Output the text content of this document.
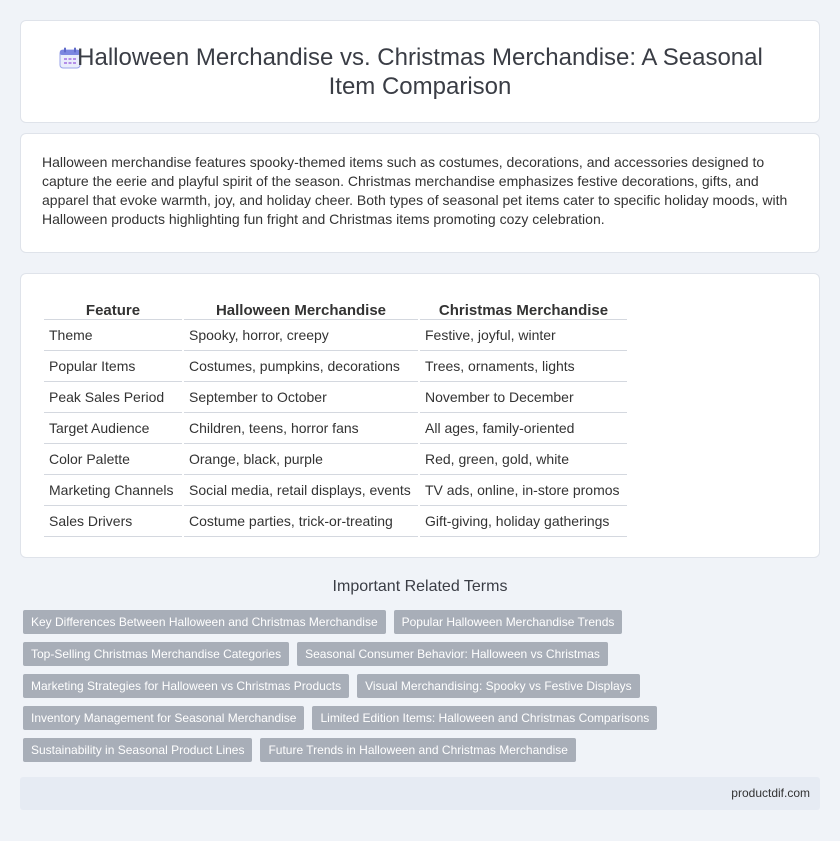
Halloween Merchandise vs. Christmas Merchandise: A Seasonal Item Comparison

Halloween merchandise features spooky-themed items such as costumes, decorations, and accessories designed to capture the eerie and playful spirit of the season. Christmas merchandise emphasizes festive decorations, gifts, and apparel that evoke warmth, joy, and holiday cheer. Both types of seasonal pet items cater to specific holiday moods, with Halloween products highlighting fun fright and Christmas items promoting cozy celebration.

Feature	Halloween Merchandise	Christmas Merchandise
Theme	Spooky, horror, creepy	Festive, joyful, winter
Popular Items	Costumes, pumpkins, decorations	Trees, ornaments, lights
Peak Sales Period	September to October	November to December
Target Audience	Children, teens, horror fans	All ages, family-oriented
Color Palette	Orange, black, purple	Red, green, gold, white
Marketing Channels	Social media, retail displays, events	TV ads, online, in-store promos
Sales Drivers	Costume parties, trick-or-treating	Gift-giving, holiday gatherings
Important Related Terms
Key Differences Between Halloween and Christmas Merchandise	Popular Halloween Merchandise Trends
Top-Selling Christmas Merchandise Categories	Seasonal Consumer Behavior: Halloween vs Christmas
Marketing Strategies for Halloween vs Christmas Products	Visual Merchandising: Spooky vs Festive Displays
Inventory Management for Seasonal Merchandise	Limited Edition Items: Halloween and Christmas Comparisons
Sustainability in Seasonal Product Lines	Future Trends in Halloween and Christmas Merchandise
productdif.com
